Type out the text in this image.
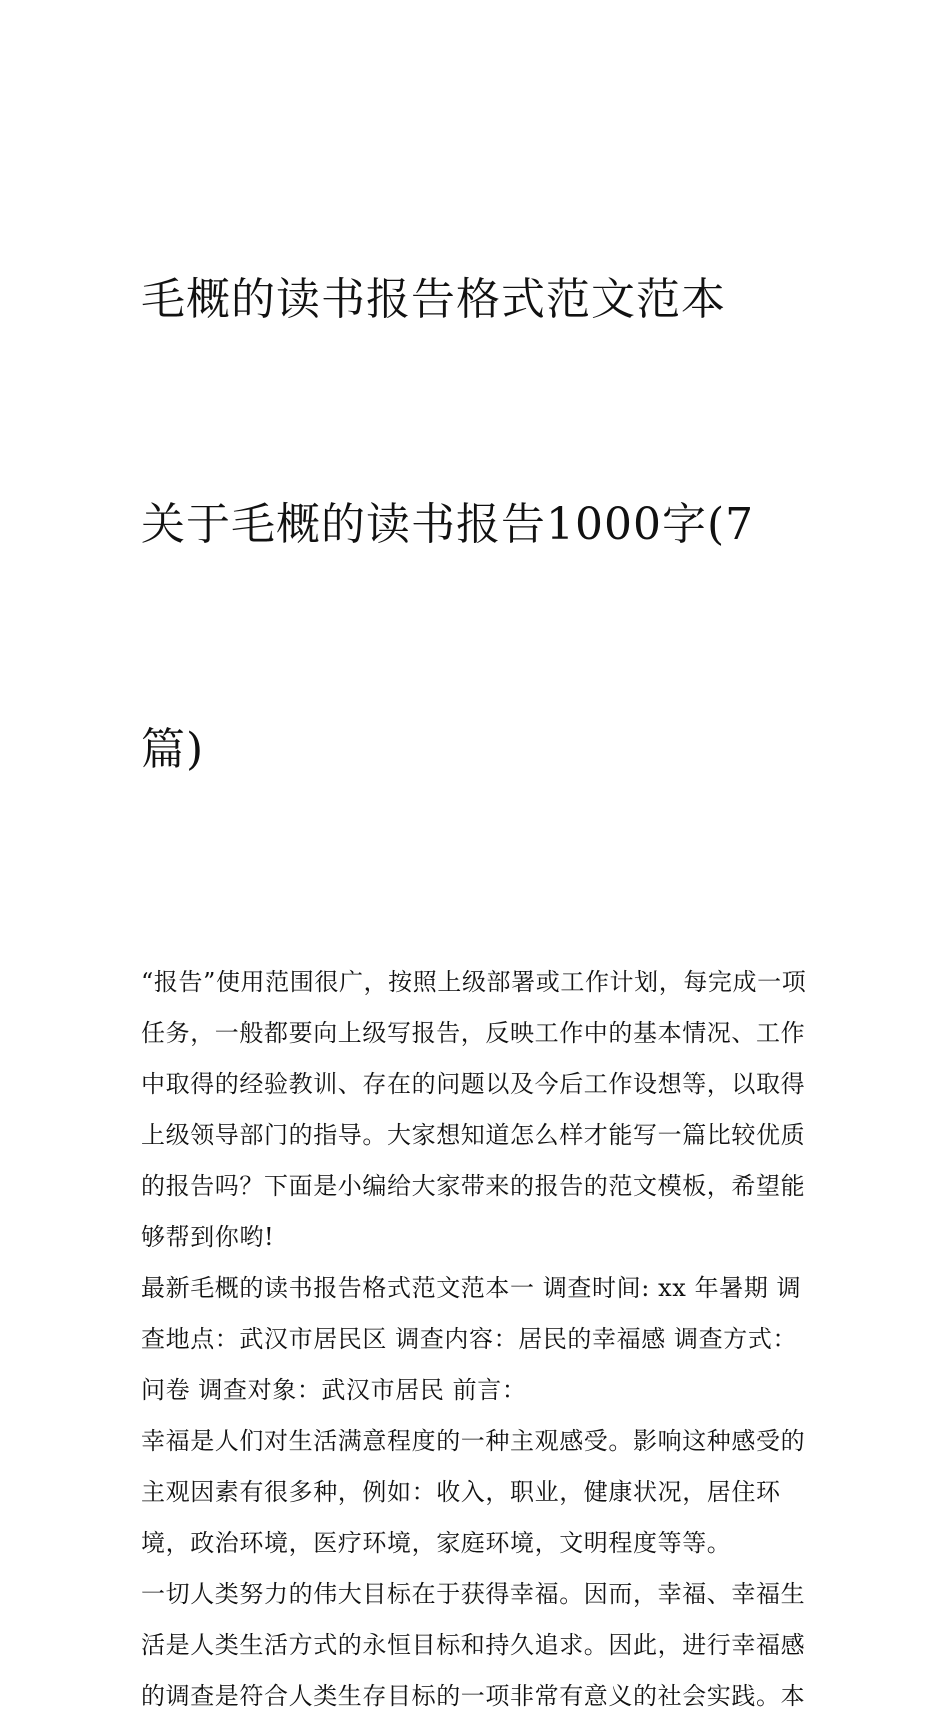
毛概的读书报告格式范文范本

关于毛概的读书报告1000字(7

篇)

“报告”使用范围很广，按照上级部署或工作计划，每完成一项
任务，一般都要向上级写报告，反映工作中的基本情况、工作
中取得的经验教训、存在的问题以及今后工作设想等，以取得
上级领导部门的指导。大家想知道怎么样才能写一篇比较优质
的报告吗？下面是小编给大家带来的报告的范文模板，希望能
够帮到你哟!

最新毛概的读书报告格式范文范本一 调查时间: xx 年暑期 调
查地点：武汉市居民区 调查内容：居民的幸福感 调查方式：
问卷 调查对象：武汉市居民 前言：

幸福是人们对生活满意程度的一种主观感受。影响这种感受的
主观因素有很多种，例如：收入，职业，健康状况，居住环
境，政治环境，医疗环境，家庭环境，文明程度等等。

一切人类努力的伟大目标在于获得幸福。因而，幸福、幸福生
活是人类生活方式的永恒目标和持久追求。因此，进行幸福感
的调查是符合人类生存目标的一项非常有意义的社会实践。本
